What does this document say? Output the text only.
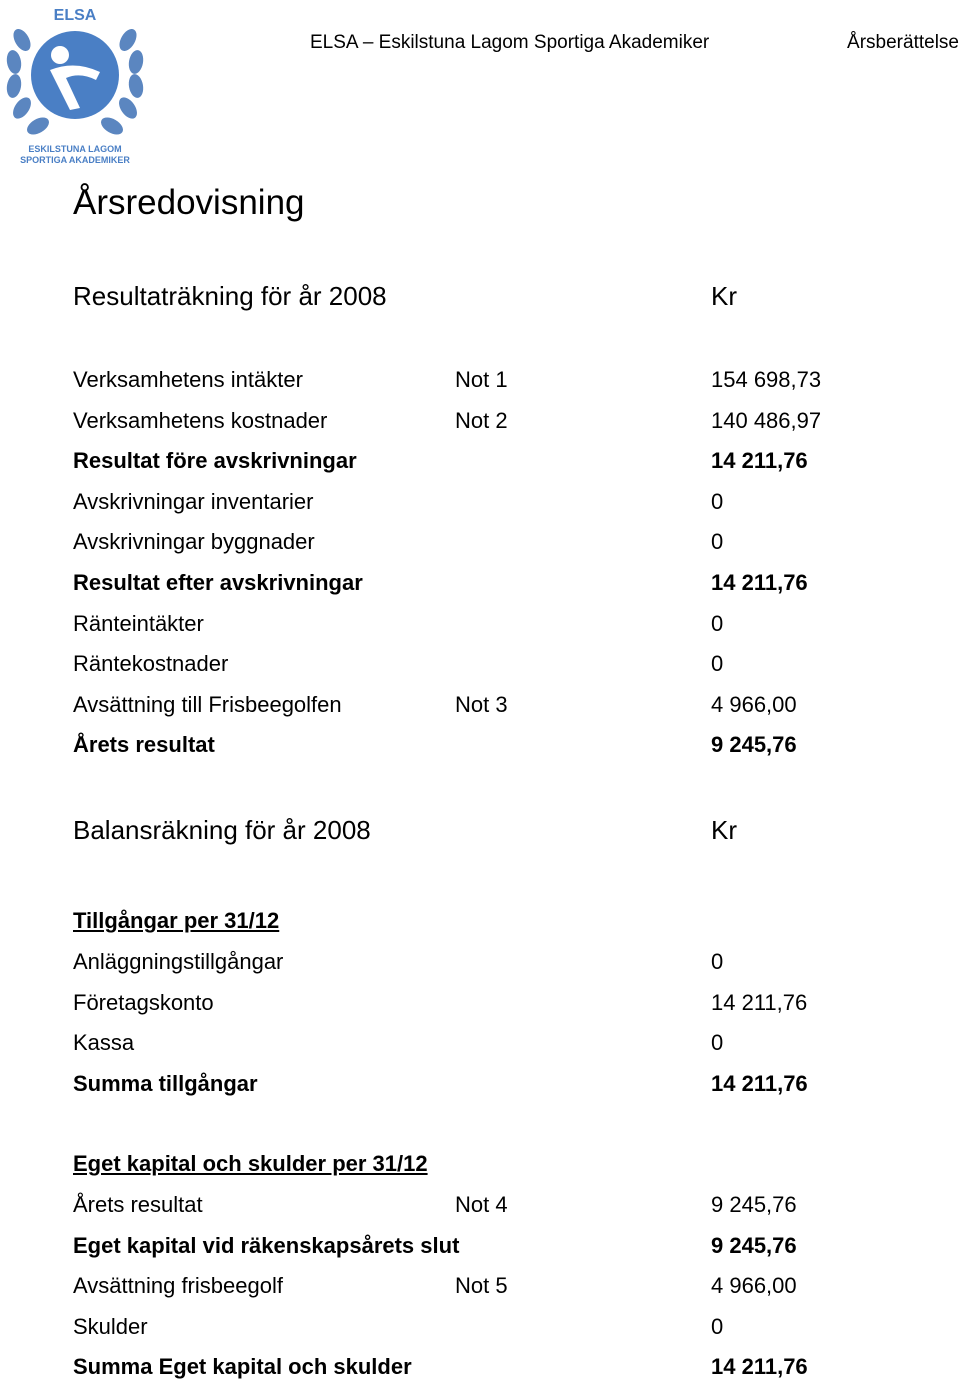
ELSA
ESKILSTUNA LAGOM
SPORTIGA AKADEMIKER
ELSA – Eskilstuna Lagom Sportiga Akademiker	Årsberättelse
Årsredovisning
Resultaträkning för år 2008	Kr
Verksamhetens intäkter	Not 1	154 698,73
Verksamhetens kostnader	Not 2	140 486,97
Resultat före avskrivningar	14 211,76
Avskrivningar inventarier	0
Avskrivningar byggnader	0
Resultat efter avskrivningar	14 211,76
Ränteintäkter	0
Räntekostnader	0
Avsättning till Frisbeegolfen	Not 3	4 966,00
Årets resultat	9 245,76
Balansräkning för år 2008	Kr
Tillgångar per 31/12
Anläggningstillgångar	0
Företagskonto	14 211,76
Kassa	0
Summa tillgångar	14 211,76
Eget kapital och skulder per 31/12
Årets resultat	Not 4	9 245,76
Eget kapital vid räkenskapsårets slut	9 245,76
Avsättning frisbeegolf	Not 5	4 966,00
Skulder	0
Summa Eget kapital och skulder	14 211,76
